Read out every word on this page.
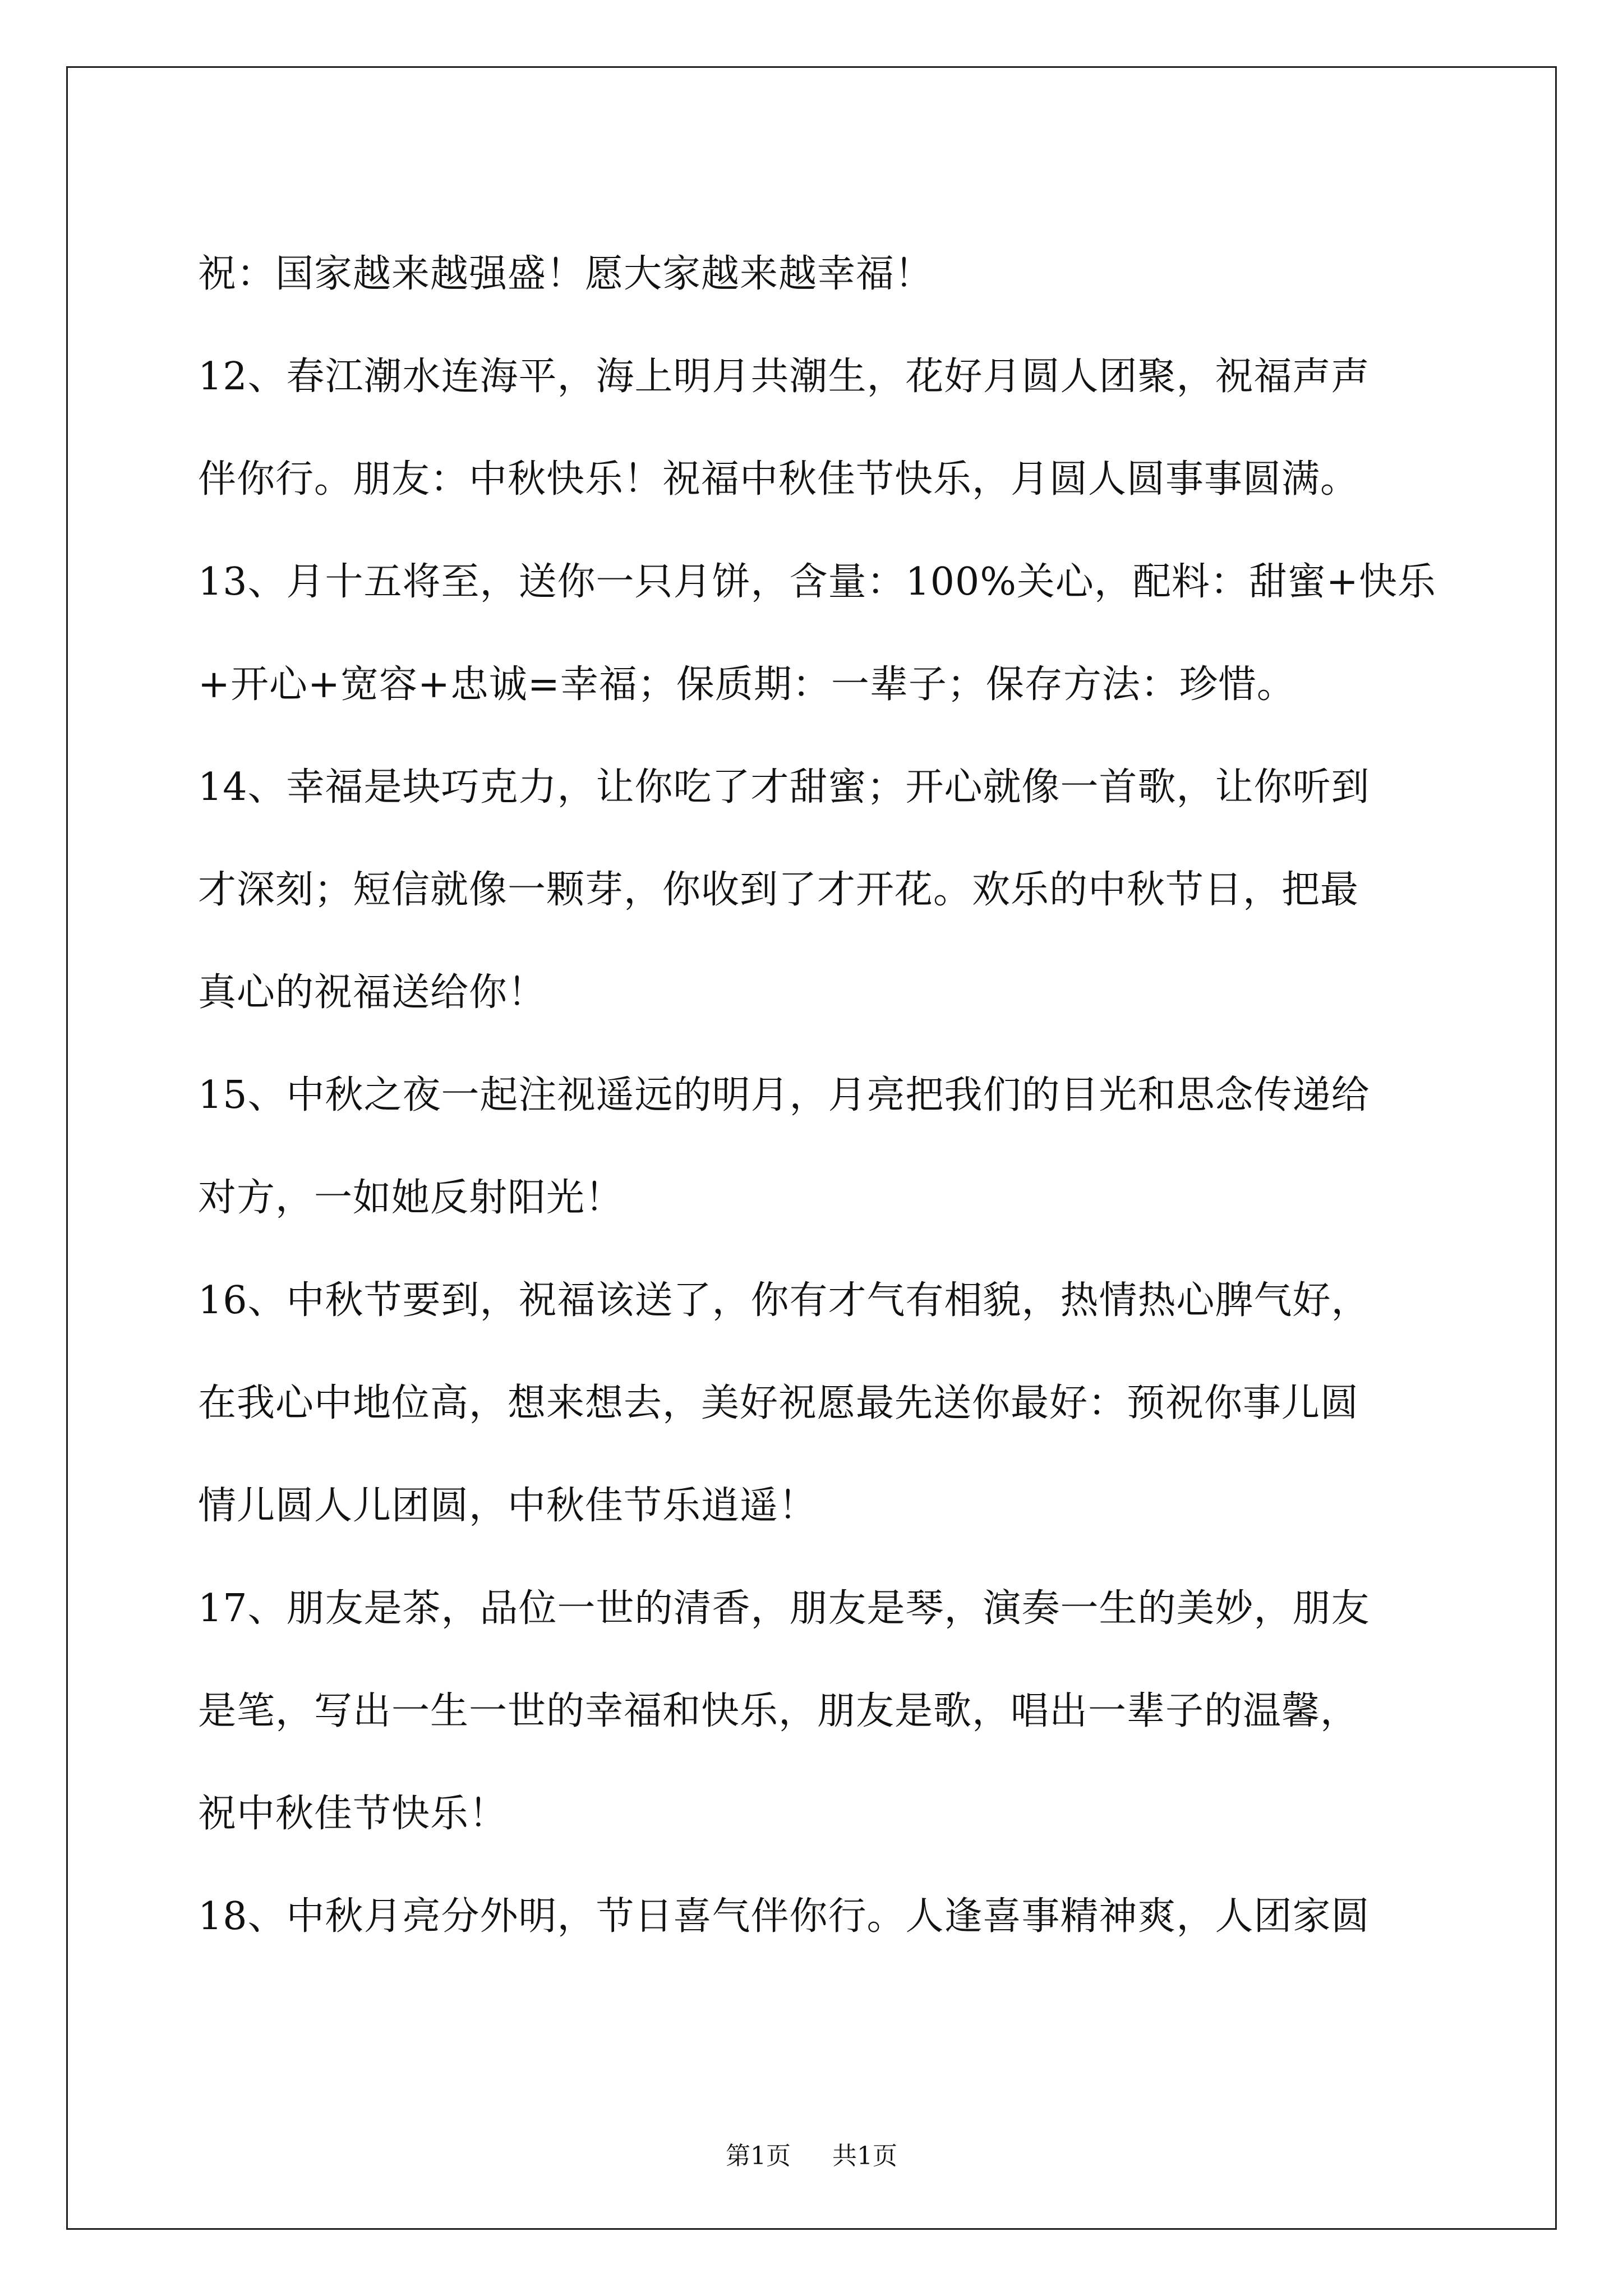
祝：国家越来越强盛！愿大家越来越幸福！
12、春江潮水连海平，海上明月共潮生，花好月圆人团聚，祝福声声
伴你行。朋友：中秋快乐！祝福中秋佳节快乐，月圆人圆事事圆满。
13、月十五将至，送你一只月饼，含量：100%关心，配料：甜蜜+快乐
+开心+宽容+忠诚=幸福；保质期：一辈子；保存方法：珍惜。
14、幸福是块巧克力，让你吃了才甜蜜；开心就像一首歌，让你听到
才深刻；短信就像一颗芽，你收到了才开花。欢乐的中秋节日，把最
真心的祝福送给你！
15、中秋之夜一起注视遥远的明月，月亮把我们的目光和思念传递给
对方，一如她反射阳光！
16、中秋节要到，祝福该送了，你有才气有相貌，热情热心脾气好，
在我心中地位高，想来想去，美好祝愿最先送你最好：预祝你事儿圆
情儿圆人儿团圆，中秋佳节乐逍遥！
17、朋友是茶，品位一世的清香，朋友是琴，演奏一生的美妙，朋友
是笔，写出一生一世的幸福和快乐，朋友是歌，唱出一辈子的温馨，
祝中秋佳节快乐！
18、中秋月亮分外明，节日喜气伴你行。人逢喜事精神爽，人团家圆
第1页 共1页
